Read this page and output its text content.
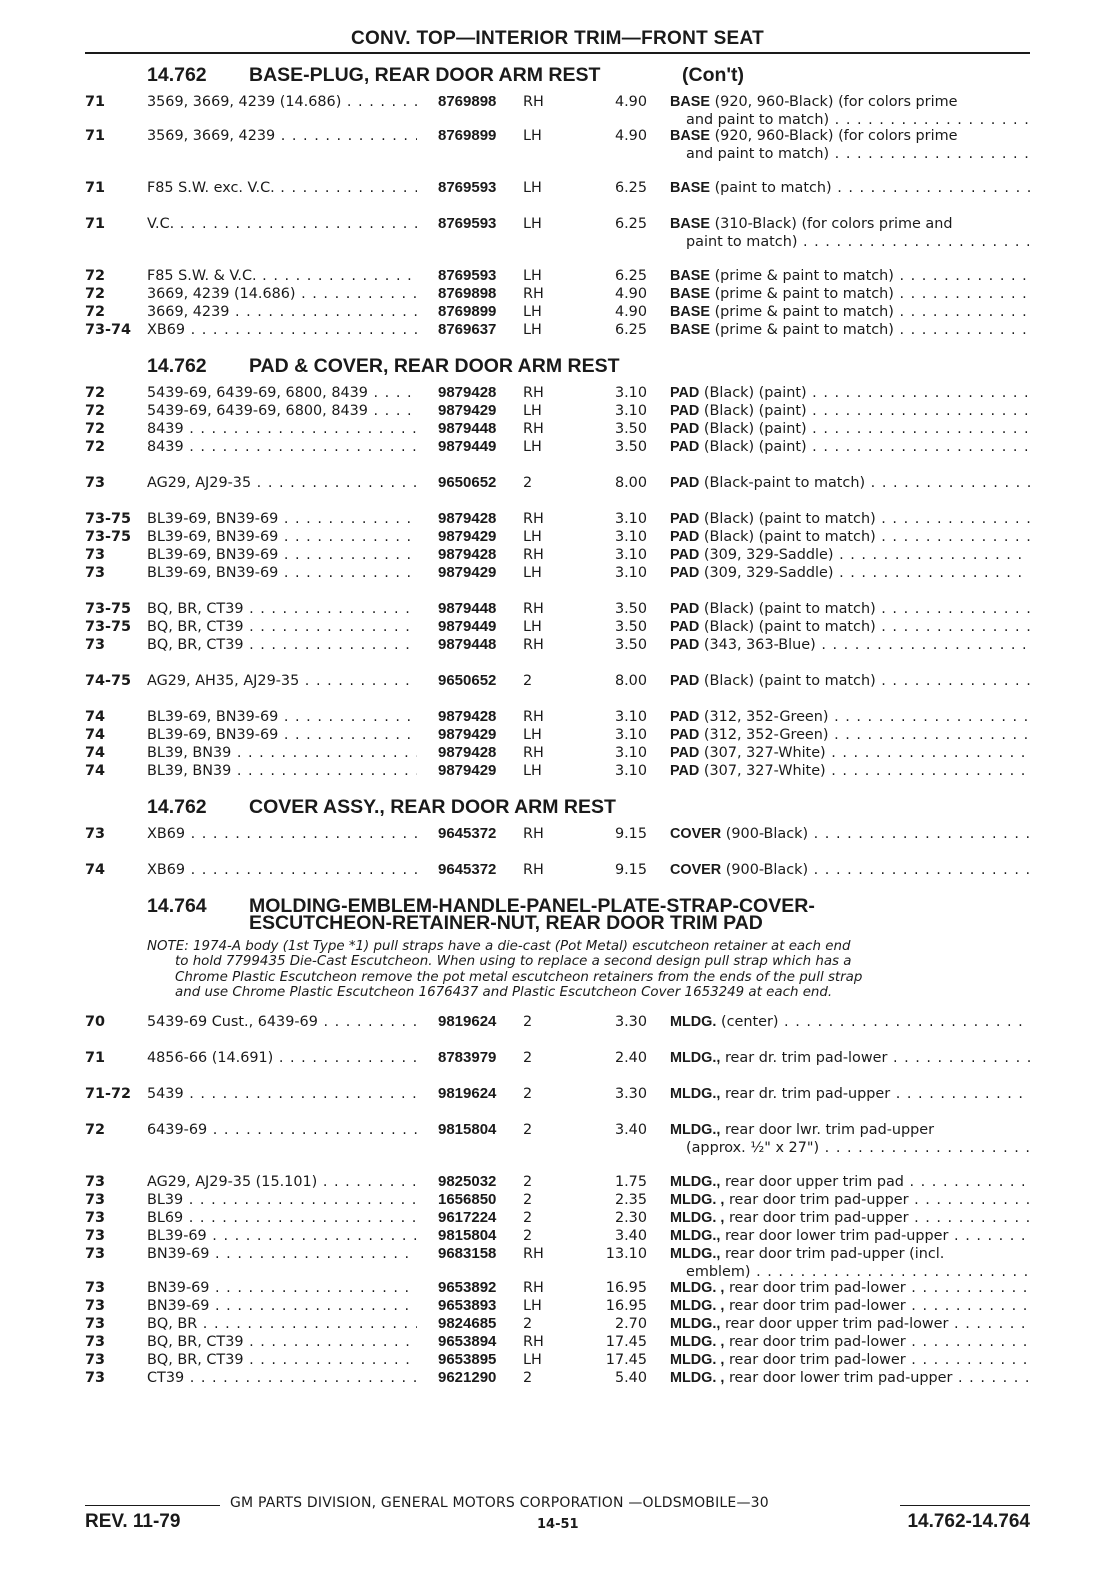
CONV. TOP—INTERIOR TRIM—FRONT SEAT
14.762 BASE-PLUG, REAR DOOR ARM REST	(Con't)
71	3569, 3669, 4239 (14.686) . . .	8769898 RH	4.90 BASE (920, 960-Black) (for colors prime
and paint to match) . . .
71	3569, 3669, 4239 . . .	8769899 LH	4.90 BASE (920, 960-Black) (for colors prime
and paint to match) . . .
71	F85 S.W. exc. V.C. . . .	8769593 LH	6.25 BASE (paint to match) . . .
71	V.C. . . .	8769593 LH	6.25 BASE (310-Black) (for colors prime and
paint to match) . . .
72	F85 S.W. & V.C. . . .	8769593 LH	6.25 BASE (prime & paint to match) . . .
72	3669, 4239 (14.686) . . .	8769898 RH	4.90 BASE (prime & paint to match) . . .
72	3669, 4239 . . .	8769899 LH	4.90 BASE (prime & paint to match) . . .
73-74 XB69 . . .	8769637 LH	6.25 BASE (prime & paint to match) . . .
14.762 PAD & COVER, REAR DOOR ARM REST
72	5439-69, 6439-69, 6800, 8439 . . .	9879428 RH	3.10 PAD (Black) (paint) . . .
72	5439-69, 6439-69, 6800, 8439 . . .	9879429 LH	3.10 PAD (Black) (paint) . . .
72	8439 . . .	9879448 RH	3.50 PAD (Black) (paint) . . .
72	8439 . . .	9879449 LH	3.50 PAD (Black) (paint) . . .
73	AG29, AJ29-35 . . .	9650652 2	8.00 PAD (Black-paint to match) . . .
73-75 BL39-69, BN39-69 . . .	9879428 RH	3.10 PAD (Black) (paint to match) . . .
73-75 BL39-69, BN39-69 . . .	9879429 LH	3.10 PAD (Black) (paint to match) . . .
73	BL39-69, BN39-69 . . .	9879428 RH	3.10 PAD (309, 329-Saddle) . . .
73	BL39-69, BN39-69 . . .	9879429 LH	3.10 PAD (309, 329-Saddle) . . .
73-75 BQ, BR, CT39 . . .	9879448 RH	3.50 PAD (Black) (paint to match) . . .
73-75 BQ, BR, CT39 . . .	9879449 LH	3.50 PAD (Black) (paint to match) . . .
73	BQ, BR, CT39 . . .	9879448 RH	3.50 PAD (343, 363-Blue) . . .
74-75 AG29, AH35, AJ29-35 . . .	9650652 2	8.00 PAD (Black) (paint to match) . . .
74	BL39-69, BN39-69 . . .	9879428 RH	3.10 PAD (312, 352-Green) . . .
74	BL39-69, BN39-69 . . .	9879429 LH	3.10 PAD (312, 352-Green) . . .
74	BL39, BN39 . . .	9879428 RH	3.10 PAD (307, 327-White) . . .
74	BL39, BN39 . . .	9879429 LH	3.10 PAD (307, 327-White) . . .
14.762 COVER ASSY., REAR DOOR ARM REST
73	XB69 . . .	9645372 RH	9.15 COVER (900-Black) . . .
74	XB69 . . .	9645372 RH	9.15 COVER (900-Black) . . .
14.764 MOLDING-EMBLEM-HANDLE-PANEL-PLATE-STRAP-COVER-
ESCUTCHEON-RETAINER-NUT, REAR DOOR TRIM PAD
NOTE: 1974-A body (1st Type *1) pull straps have a die-cast (Pot Metal) escutcheon retainer at each end
to hold 7799435 Die-Cast Escutcheon. When using to replace a second design pull strap which has a
Chrome Plastic Escutcheon remove the pot metal escutcheon retainers from the ends of the pull strap
and use Chrome Plastic Escutcheon 1676437 and Plastic Escutcheon Cover 1653249 at each end.
70	5439-69 Cust., 6439-69 . . .	9819624 2	3.30 MLDG. (center) . . .
71	4856-66 (14.691) . . .	8783979 2	2.40 MLDG., rear dr. trim pad-lower . . .
71-72 5439 . . .	9819624 2	3.30 MLDG., rear dr. trim pad-upper . . .
72	6439-69 . . .	9815804 2	3.40 MLDG., rear door lwr. trim pad-upper
(approx. ½" x 27") . . .
73	AG29, AJ29-35 (15.101) . . .	9825032 2	1.75 MLDG., rear door upper trim pad . . .
73	BL39 . . .	1656850 2	2.35 MLDG. , rear door trim pad-upper . . .
73	BL69 . . .	9617224 2	2.30 MLDG. , rear door trim pad-upper . . .
73	BL39-69 . . .	9815804 2	3.40 MLDG., rear door lower trim pad-upper . . .
73	BN39-69 . . .	9683158 RH	13.10 MLDG., rear door trim pad-upper (incl.
emblem) . . .
73	BN39-69 . . .	9653892 RH	16.95 MLDG. , rear door trim pad-lower . . .
73	BN39-69 . . .	9653893 LH	16.95 MLDG. , rear door trim pad-lower . . .
73	BQ, BR . . .	9824685 2	2.70 MLDG., rear door upper trim pad-lower . . .
73	BQ, BR, CT39 . . .	9653894 RH	17.45 MLDG. , rear door trim pad-lower . . .
73	BQ, BR, CT39 . . .	9653895 LH	17.45 MLDG. , rear door trim pad-lower . . .
73	CT39 . . .	9621290 2	5.40 MLDG. , rear door lower trim pad-upper . . .
GM PARTS DIVISION, GENERAL MOTORS CORPORATION —OLDSMOBILE—30
REV. 11-79	14-51	14.762-14.764
